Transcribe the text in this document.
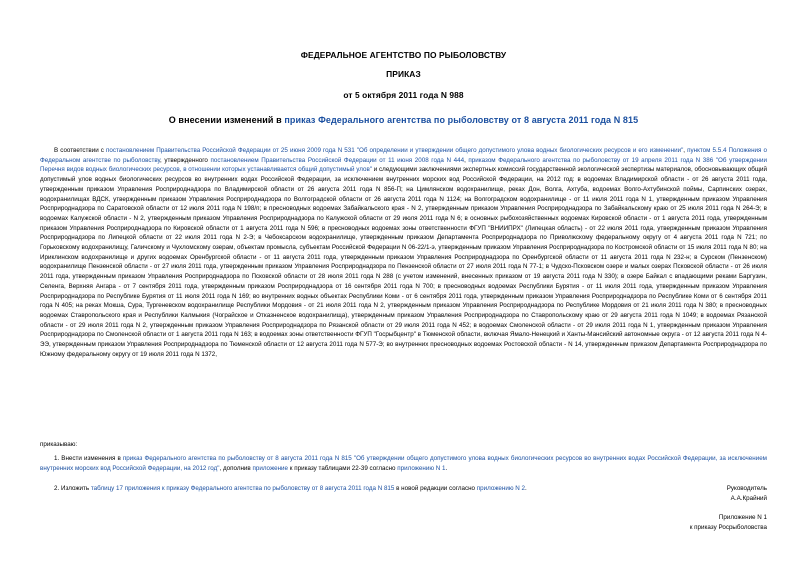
ФЕДЕРАЛЬНОЕ АГЕНТСТВО ПО РЫБОЛОВСТВУ
ПРИКАЗ
от 5 октября 2011 года N 988
О внесении изменений в приказ Федерального агентства по рыболовству от 8 августа 2011 года N 815
В соответствии с постановлением Правительства Российской Федерации от 25 июня 2009 года N 531 "Об определении и утверждении общего допустимого улова водных биологических ресурсов и его изменении", пунктом 5.5.4 Положения о Федеральном агентстве по рыболовству, утвержденного постановлением Правительства Российской Федерации от 11 июня 2008 года N 444, приказом Федерального агентства по рыболовству от 19 апреля 2011 года N 386 "Об утверждении Перечня видов водных биологических ресурсов, в отношении которых устанавливается общий допустимый улов" и следующими заключениями экспертных комиссий государственной экологической экспертизы материалов, обосновывающих общий допустимый улов водных биологических ресурсов во внутренних водах Российской Федерации, за исключением внутренних морских вод Российской Федерации, на 2012 год: в водоемах Владимирской области - от 26 августа 2011 года, утвержденным приказом Управления Росприроднадзора по Владимирской области от 26 августа 2011 года N 856-П; на Цимлянском водохранилище, реках Дон, Волга, Ахтуба, водоемах Волго-Ахтубинской поймы, Сарпинских озерах, водохранилищах ВДСК, утвержденным приказом Управления Росприроднадзора по Волгоградской области от 26 августа 2011 года N 1124; на Волгоградском водохранилище - от 11 июля 2011 года N 1, утвержденным приказом Управления Росприроднадзора по Саратовской области от 12 июля 2011 года N 198/п; в пресноводных водоемах Забайкальского края - N 2, утвержденным приказом Управления Росприроднадзора по Забайкальскому краю от 25 июля 2011 года N 264-Э; в водоемах Калужской области - N 2, утвержденным приказом Управления Росприроднадзора по Калужской области от 29 июля 2011 года N 6; в основных рыбохозяйственных водоемах Кировской области - от 1 августа 2011 года, утвержденным приказом Управления Росприроднадзора по Кировской области от 1 августа 2011 года N 596; в пресноводных водоемах зоны ответственности ФГУП "ВНИИПРХ" (Липецкая область) - от 22 июля 2011 года, утвержденным приказом Управления Росприроднадзора по Липецкой области от 22 июля 2011 года N 2-Э; в Чебоксарском водохранилище, утвержденным приказом Департамента Росприроднадзора по Приволжскому федеральному округу от 4 августа 2011 года N 721; по Горьковскому водохранилищу, Галичскому и Чухломскому озерам, объектам промысла, субъектам Российской Федерации N 06-22/1-э, утвержденным приказом Управления Росприроднадзора по Костромской области от 15 июля 2011 года N 80; на Ириклинском водохранилище и других водоемах Оренбургской области - от 11 августа 2011 года, утвержденным приказом Управления Росприроднадзора по Оренбургской области от 11 августа 2011 года N 232-н; в Сурском (Пензенском) водохранилище Пензенской области - от 27 июля 2011 года, утвержденным приказом Управления Росприроднадзора по Пензенской области от 27 июля 2011 года N 77-1; в Чудско-Псковском озере и малых озерах Псковской области - от 26 июля 2011 года, утвержденным приказом Управления Росприроднадзора по Псковской области от 28 июля 2011 года N 288 (с учетом изменений, внесенных приказом от 19 августа 2011 года N 330); в озере Байкал с впадающими реками Баргузин, Селенга, Верхняя Ангара - от 7 сентября 2011 года, утвержденным приказом Росприроднадзора от 16 сентября 2011 года N 700; в пресноводных водоемах Республики Бурятия - от 11 июля 2011 года, утвержденным приказом Управления Росприроднадзора по Республике Бурятия от 11 июля 2011 года N 169; во внутренних водных объектах Республики Коми - от 6 сентября 2011 года, утвержденным приказом Управления Росприроднадзора по Республике Коми от 6 сентября 2011 года N 405; на реках Мокша, Сура, Тургеневском водохранилище Республики Мордовия - от 21 июля 2011 года N 2, утвержденным приказом Управления Росприроднадзора по Республике Мордовия от 21 июля 2011 года N 380; в пресноводных водоемах Ставропольского края и Республики Калмыкия (Чограйское и Отказненское водохранилища), утвержденным приказом Управления Росприроднадзора по Ставропольскому краю от 29 августа 2011 года N 1049; в водоемах Рязанской области - от 29 июля 2011 года N 2, утвержденным приказом Управления Росприроднадзора по Рязанской области от 29 июля 2011 года N 452; в водоемах Смоленской области - от 29 июля 2011 года N 1, утвержденным приказом Управления Росприроднадзора по Смоленской области от 1 августа 2011 года N 163; в водоемах зоны ответственности ФГУП "Госрыбцентр" в Тюменской области, включая Ямало-Ненецкий и Ханты-Мансийский автономные округа - от 12 августа 2011 года N 4-ЭЭ, утвержденным приказом Управления Росприроднадзора по Тюменской области от 12 августа 2011 года N 577-Э; во внутренних пресноводных водоемах Ростовской области - N 14, утвержденным приказом Департамента Росприроднадзора по Южному федеральному округу от 19 июля 2011 года N 1372,
приказываю:
1. Внести изменения в приказ Федерального агентства по рыболовству от 8 августа 2011 года N 815 "Об утверждении общего допустимого улова водных биологических ресурсов во внутренних водах Российской Федерации, за исключением внутренних морских вод Российской Федерации, на 2012 год", дополнив приложение к приказу таблицами 22-39 согласно приложению N 1.
2. Изложить таблицу 17 приложения к приказу Федерального агентства по рыболовству от 8 августа 2011 года N 815 в новой редакции согласно приложению N 2.	Руководитель
А.А.Крайний
Приложение N 1
к приказу Росрыболовства
